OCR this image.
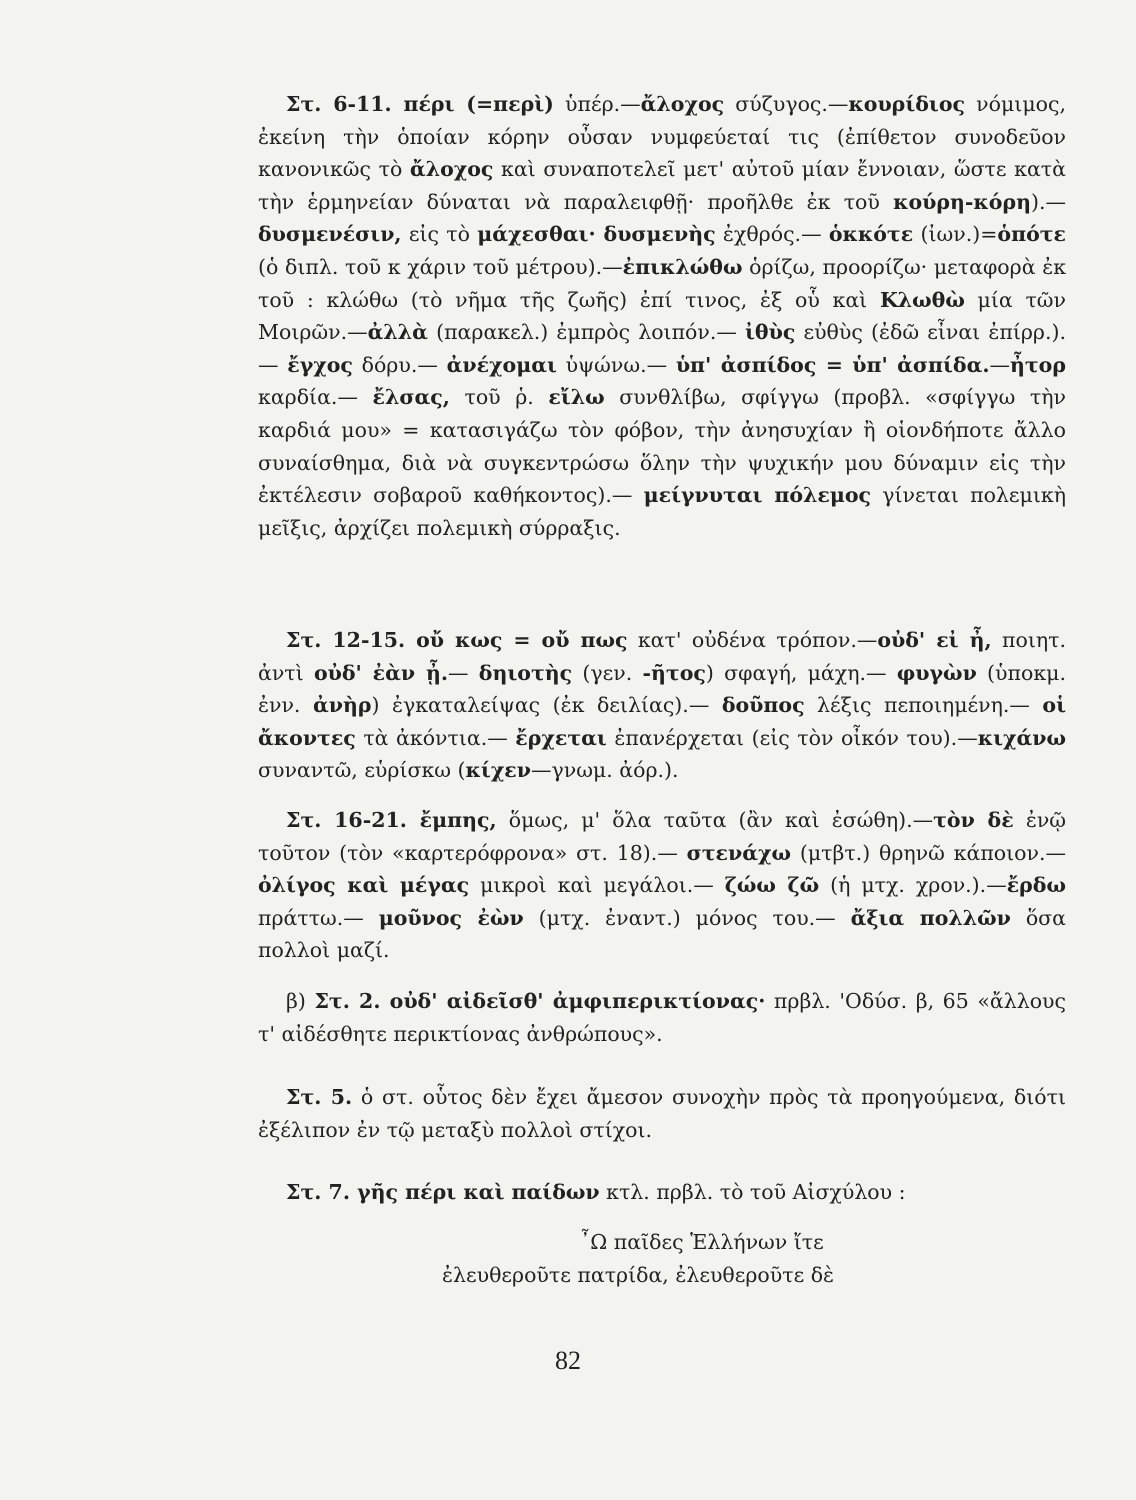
Στ. 6-11. πέρι (=περὶ) ὑπέρ.—ἄλοχος σύζυγος.—κουρίδιος νόμιμος, ἐκείνη τὴν ὁποίαν κόρην οὖσαν νυμφεύεταί τις (ἐπίθετον συνοδεῦον κανονικῶς τὸ ἄλοχος καὶ συναποτελεῖ μετ' αὐτοῦ μίαν ἔννοιαν, ὥστε κατὰ τὴν ἑρμηνείαν δύναται νὰ παραλειφθῇ· προῆλθε ἐκ τοῦ κούρη-κόρη).—δυσμενέσιν, εἰς τὸ μάχεσθαι· δυσμενὴς ἐχθρός.— ὁκκότε (ἰων.)=ὁπότε (ὁ διπλ. τοῦ κ χάριν τοῦ μέτρου).—ἐπικλώθω ὁρίζω, προορίζω· μεταφορὰ ἐκ τοῦ : κλώθω (τὸ νῆμα τῆς ζωῆς) ἐπί τινος, ἐξ οὗ καὶ Κλωθὼ μία τῶν Μοιρῶν.—ἀλλὰ (παρακελ.) ἐμπρὸς λοιπόν.— ἰθὺς εὐθὺς (ἐδῶ εἶναι ἐπίρρ.).— ἔγχος δόρυ.— ἀνέχομαι ὑψώνω.— ὑπ' ἀσπίδος = ὑπ' ἀσπίδα.—ἦτορ καρδία.— ἔλσας, τοῦ ῥ. εἴλω συνθλίβω, σφίγγω (προβλ. «σφίγγω τὴν καρδιά μου» = κατασιγάζω τὸν φόβον, τὴν ἀνησυχίαν ἢ οἱονδήποτε ἄλλο συναίσθημα, διὰ νὰ συγκεντρώσω ὅλην τὴν ψυχικήν μου δύναμιν εἰς τὴν ἐκτέλεσιν σοβαροῦ καθήκοντος).— μείγνυται πόλεμος γίνεται πολεμικὴ μεῖξις, ἀρχίζει πολεμικὴ σύρραξις.

Στ. 12-15. οὔ κως = οὔ πως κατ' οὐδένα τρόπον.—οὐδ' εἰ ἦ, ποιητ. ἀντὶ οὐδ' ἐὰν ᾖ.— δηιοτὴς (γεν. -ῆτος) σφαγή, μάχη.— φυγὼν (ὑποκμ. ἐνν. ἀνὴρ) ἐγκαταλείψας (ἐκ δειλίας).— δοῦπος λέξις πεποιημένη.— οἱ ἄκοντες τὰ ἀκόντια.— ἔρχεται ἐπανέρχεται (εἰς τὸν οἶκόν του).—κιχάνω συναντῶ, εὑρίσκω (κίχεν—γνωμ. ἀόρ.).

Στ. 16-21. ἔμπης, ὅμως, μ' ὅλα ταῦτα (ἂν καὶ ἐσώθη).—τὸν δὲ ἐνῷ τοῦτον (τὸν «καρτερόφρονα» στ. 18).— στενάχω (μτβτ.) θρηνῶ κάποιον.—ὀλίγος καὶ μέγας μικροὶ καὶ μεγάλοι.— ζώω ζῶ (ἡ μτχ. χρον.).—ἔρδω πράττω.— μοῦνος ἐὼν (μτχ. ἐναντ.) μόνος του.— ἄξια πολλῶν ὅσα πολλοὶ μαζί.

β) Στ. 2. οὐδ' αἰδεῖσθ' ἀμφιπερικτίονας· πρβλ. 'Οδύσ. β, 65 «ἄλλους τ' αἰδέσθητε περικτίονας ἀνθρώπους».

Στ. 5. ὁ στ. οὗτος δὲν ἔχει ἄμεσον συνοχὴν πρὸς τὰ προηγούμενα, διότι ἐξέλιπον ἐν τῷ μεταξὺ πολλοὶ στίχοι.

Στ. 7. γῆς πέρι καὶ παίδων κτλ. πρβλ. τὸ τοῦ Αἰσχύλου :

῏Ω παῖδες Ἑλλήνων ἴτε
ἐλευθεροῦτε πατρίδα, ἐλευθεροῦτε δὲ
82
